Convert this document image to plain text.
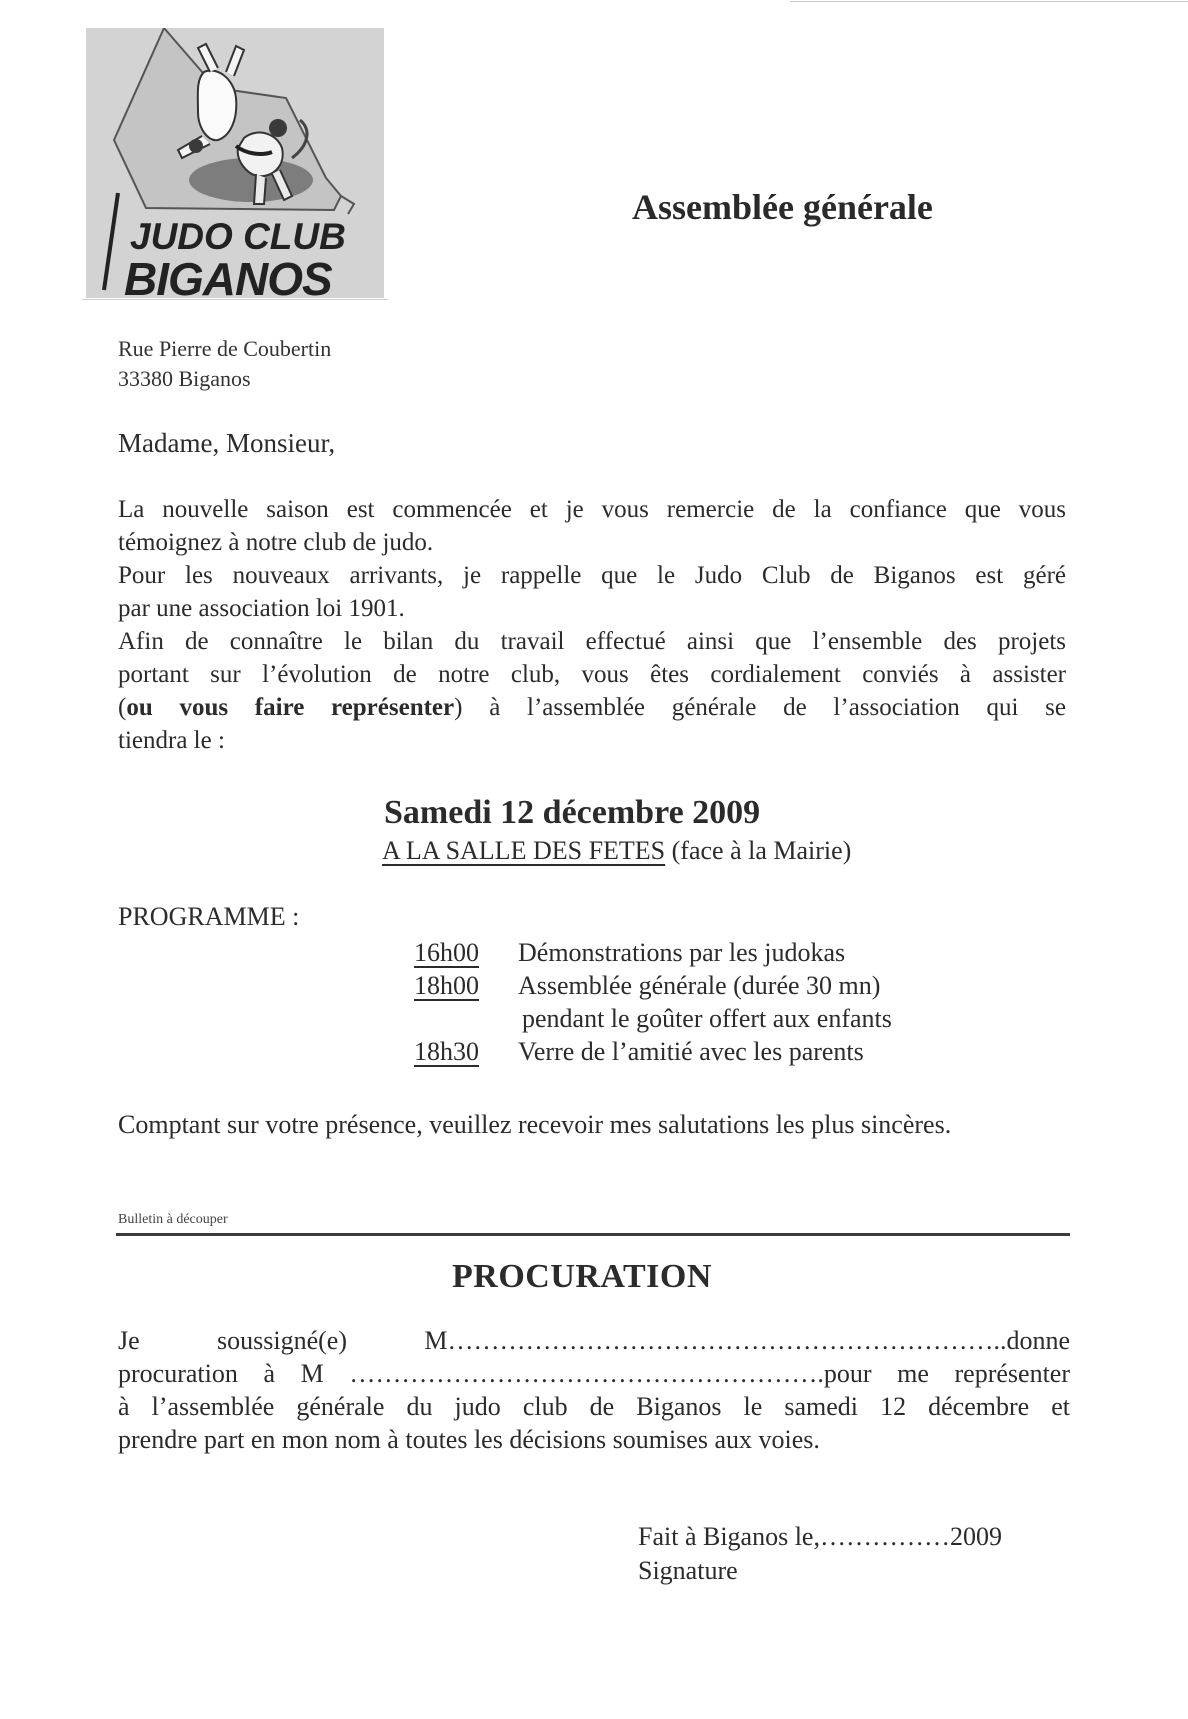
JUDO CLUB
BIGANOS
Assemblée générale
Rue Pierre de Coubertin
33380 Biganos
Madame, Monsieur,
La nouvelle saison est commencée et je vous remercie de la confiance que vous
témoignez à notre club de judo.
Pour les nouveaux arrivants, je rappelle que le Judo Club de Biganos est géré
par une association loi 1901.
Afin de connaître le bilan du travail effectué ainsi que l’ensemble des projets
portant sur l’évolution de notre club, vous êtes cordialement conviés à assister
(ou vous faire représenter) à l’assemblée générale de l’association qui se
tiendra le :
Samedi 12 décembre 2009
A LA SALLE DES FETES (face à la Mairie)
PROGRAMME :
16h00 Démonstrations par les judokas
18h00 Assemblée générale (durée 30 mn)
pendant le goûter offert aux enfants
18h30 Verre de l’amitié avec les parents
Comptant sur votre présence, veuillez recevoir mes salutations les plus sincères.
Bulletin à découper
PROCURATION
Je soussigné(e) M………………………………………………………..donne
procuration à M ……………………………………………….pour me représenter
à l’assemblée générale du judo club de Biganos le samedi 12 décembre et
prendre part en mon nom à toutes les décisions soumises aux voies.
Fait à Biganos le,……………2009
Signature
